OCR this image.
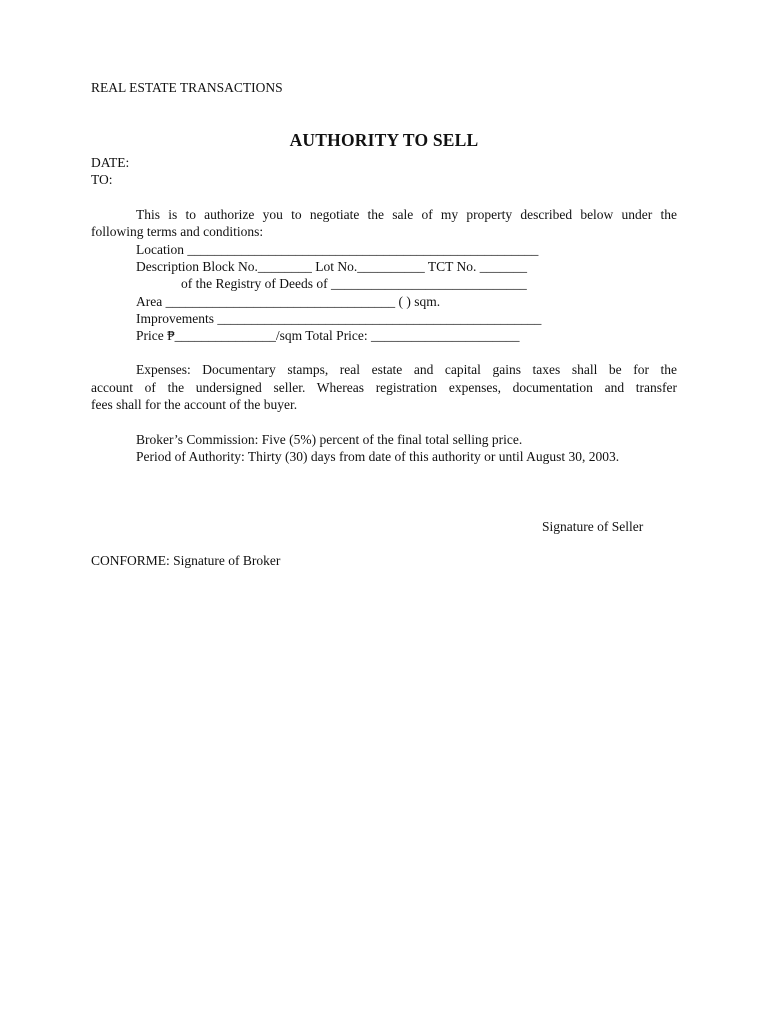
REAL ESTATE TRANSACTIONS
AUTHORITY TO SELL
DATE:
TO:
This is to authorize you to negotiate the sale of my property described below under the
following terms and conditions:
Location ____________________________________________________
Description Block No.________ Lot No.__________ TCT No. _______
of the Registry of Deeds of _____________________________
Area __________________________________ ( ) sqm.
Improvements ________________________________________________
Price ₱_______________/sqm Total Price: ______________________
Expenses: Documentary stamps, real estate and capital gains taxes shall be for the
account of the undersigned seller. Whereas registration expenses, documentation and transfer
fees shall for the account of the buyer.
Broker’s Commission: Five (5%) percent of the final total selling price.
Period of Authority: Thirty (30) days from date of this authority or until August 30, 2003.
Signature of Seller
CONFORME: Signature of Broker
